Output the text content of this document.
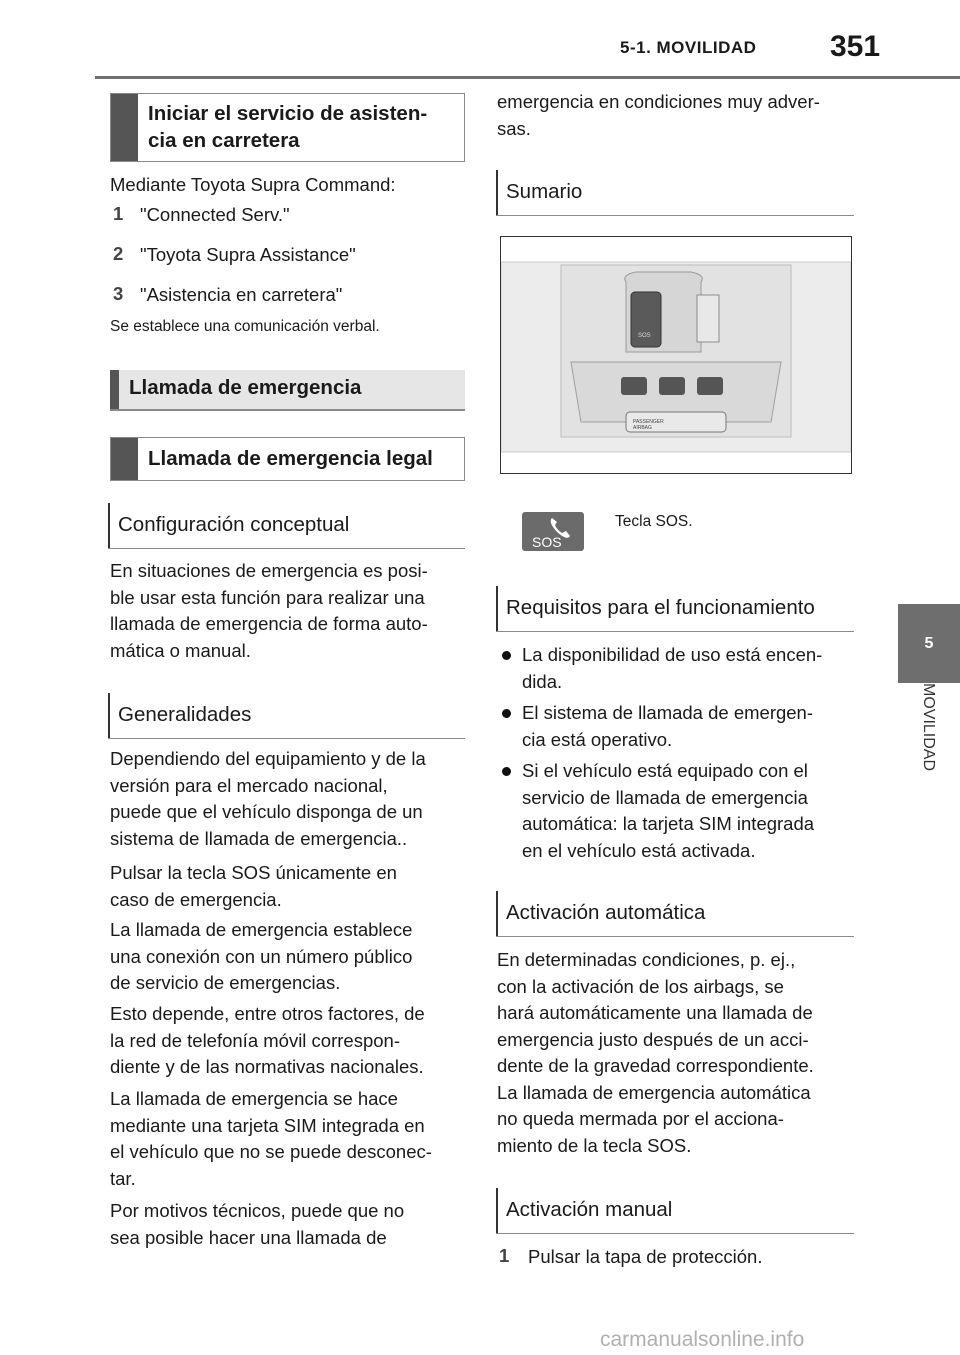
5-1. MOVILIDAD 351
5
MOVILIDAD
Iniciar el servicio de asisten-
cia en carretera
Mediante Toyota Supra Command:
1 "Connected Serv."
2 "Toyota Supra Assistance"
3 "Asistencia en carretera"
Se establece una comunicación verbal.
Llamada de emergencia
Llamada de emergencia legal
Configuración conceptual
En situaciones de emergencia es posi-
ble usar esta función para realizar una
llamada de emergencia de forma auto-
mática o manual.
Generalidades
Dependiendo del equipamiento y de la
versión para el mercado nacional,
puede que el vehículo disponga de un
sistema de llamada de emergencia..
Pulsar la tecla SOS únicamente en
caso de emergencia.
La llamada de emergencia establece
una conexión con un número público
de servicio de emergencias.
Esto depende, entre otros factores, de
la red de telefonía móvil correspon-
diente y de las normativas nacionales.
La llamada de emergencia se hace
mediante una tarjeta SIM integrada en
el vehículo que no se puede desconec-
tar.
Por motivos técnicos, puede que no
sea posible hacer una llamada de
emergencia en condiciones muy adver-
sas.
Sumario
SOS
PASSENGER
AIRBAG
SOS
Tecla SOS.
Requisitos para el funcionamiento
La disponibilidad de uso está encen-
dida.
El sistema de llamada de emergen-
cia está operativo.
Si el vehículo está equipado con el
servicio de llamada de emergencia
automática: la tarjeta SIM integrada
en el vehículo está activada.
Activación automática
En determinadas condiciones, p. ej.,
con la activación de los airbags, se
hará automáticamente una llamada de
emergencia justo después de un acci-
dente de la gravedad correspondiente.
La llamada de emergencia automática
no queda mermada por el acciona-
miento de la tecla SOS.
Activación manual
1 Pulsar la tapa de protección.
carmanualsonline.info
